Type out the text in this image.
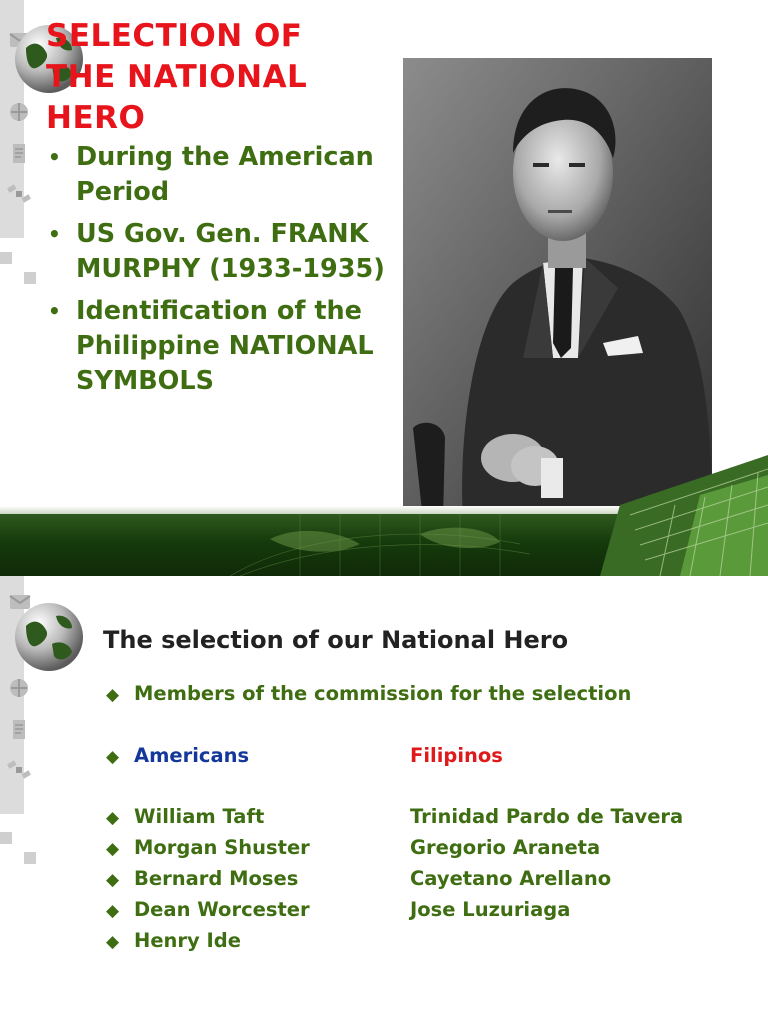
SELECTION OF THE NATIONAL HERO
• During the American Period
• US Gov. Gen. FRANK MURPHY (1933-1935)
• Identification of the Philippine NATIONAL SYMBOLS
The selection of our National Hero
◆ Members of the commission for the selection
◆ Americans	Filipinos
◆ William Taft
◆ Morgan Shuster
◆ Bernard Moses
◆ Dean Worcester
◆ Henry Ide
Trinidad Pardo de Tavera
Gregorio Araneta
Cayetano Arellano
Jose Luzuriaga
